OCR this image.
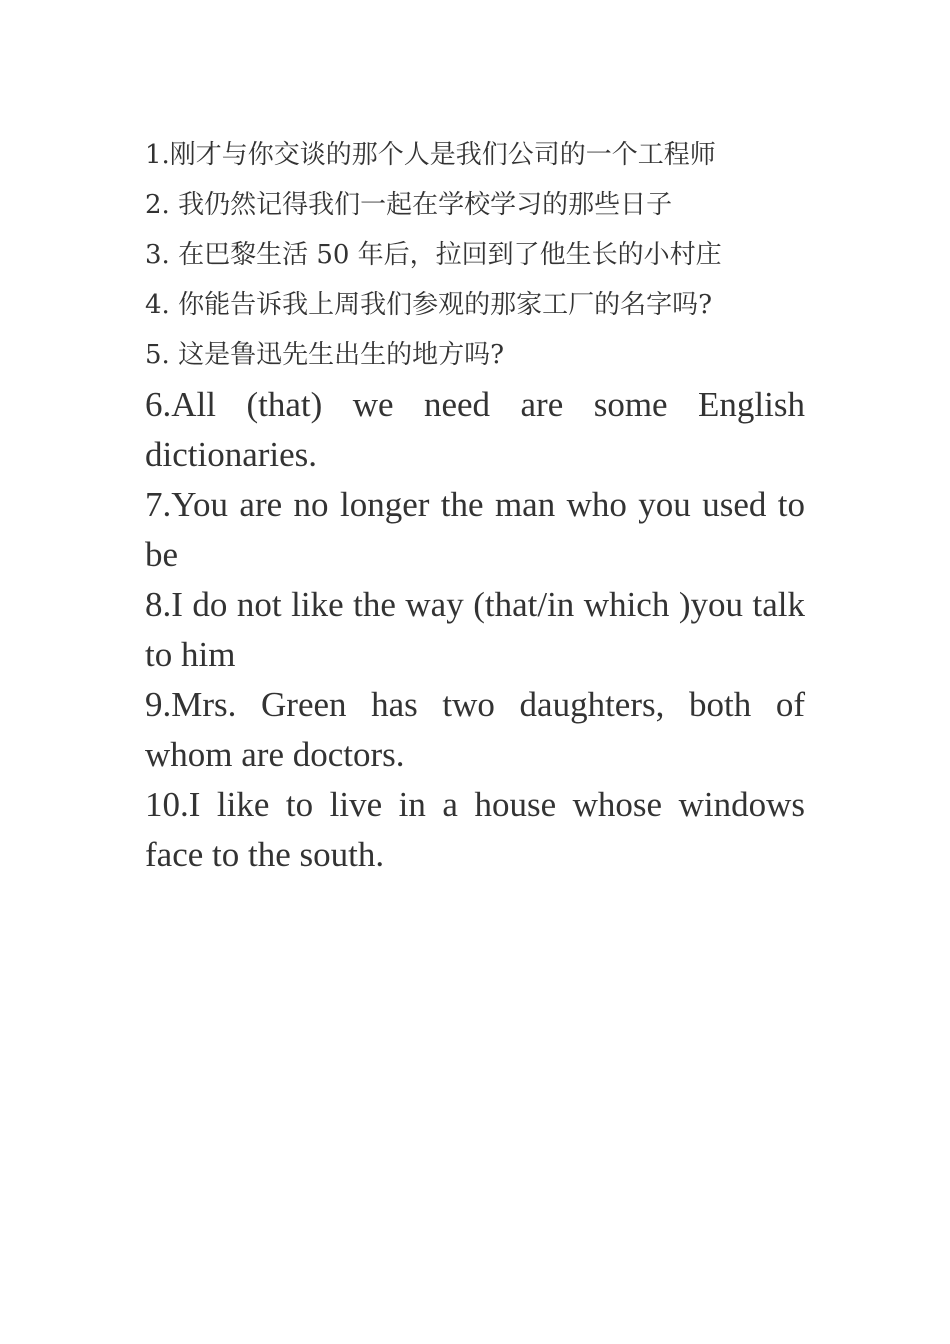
1.刚才与你交谈的那个人是我们公司的一个工程师
2. 我仍然记得我们一起在学校学习的那些日子
3. 在巴黎生活 50 年后，拉回到了他生长的小村庄
4. 你能告诉我上周我们参观的那家工厂的名字吗?
5. 这是鲁迅先生出生的地方吗?

6.All (that) we need are some English dictionaries.

7.You are no longer the man who you used to be

8.I do not like the way (that/in which )you talk to him

9.Mrs. Green has two daughters, both of whom are doctors.

10.I like to live in a house whose windows face to the south.
